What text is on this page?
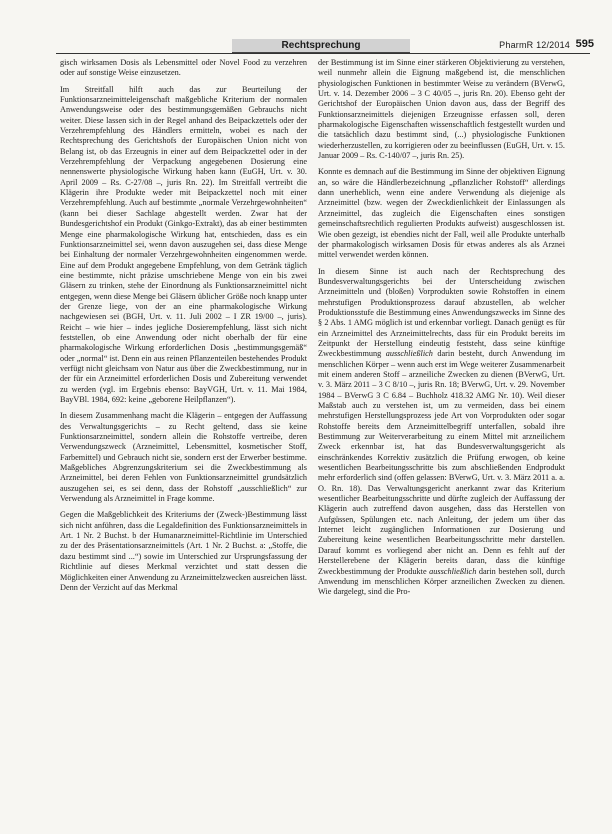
Rechtsprechung	PharmR 12/2014 595

gisch wirksamen Dosis als Lebensmittel oder Novel Food zu verzehren oder auf sonstige Weise einzusetzen.

Im Streitfall hilft auch das zur Beurteilung der Funktionsarzneimitteleigenschaft maßgebliche Kriterium der normalen Anwendungsweise oder des bestimmungsgemäßen Gebrauchs nicht weiter. Diese lassen sich in der Regel anhand des Beipackzettels oder der Verzehrempfehlung des Händlers ermitteln, wobei es nach der Rechtsprechung des Gerichtshofs der Europäischen Union nicht von Belang ist, ob das Erzeugnis in einer auf dem Beipackzettel oder in der Verzehrempfehlung der Verpackung angegebenen Dosierung eine nennenswerte physiologische Wirkung haben kann (EuGH, Urt. v. 30. April 2009 – Rs. C-27/08 –, juris Rn. 22). Im Streitfall vertreibt die Klägerin ihre Produkte weder mit Beipackzettel noch mit einer Verzehrempfehlung. Auch auf bestimmte „normale Verzehrgewohnheiten“ (kann bei dieser Sachlage abgestellt werden. Zwar hat der Bundesgerichtshof ein Produkt (Ginkgo-Extrakt), das ab einer bestimmten Menge eine pharmakologische Wirkung hat, entschieden, dass es ein Funktionsarzneimittel sei, wenn davon auszugehen sei, dass diese Menge bei Einhaltung der normaler Verzehrgewohnheiten eingenommen werde. Eine auf dem Produkt angegebene Empfehlung, von dem Getränk täglich eine bestimmte, nicht präzise umschriebene Menge von ein bis zwei Gläsern zu trinken, stehe der Einordnung als Funktionsarzneimittel nicht entgegen, wenn diese Menge bei Gläsern üblicher Größe noch knapp unter der Grenze liege, von der an eine pharmakologische Wirkung nachgewiesen sei (BGH, Urt. v. 11. Juli 2002 – I ZR 19/00 –, juris). Reicht – wie hier – indes jegliche Dosierempfehlung, lässt sich nicht feststellen, ob eine Anwendung oder nicht oberhalb der für eine pharmakologische Wirkung erforderlichen Dosis „bestimmungsgemäß“ oder „normal“ ist. Denn ein aus reinen Pflanzenteilen bestehendes Produkt verfügt nicht gleichsam von Natur aus über die Zweckbestimmung, nur in der für ein Arzneimittel erforderlichen Dosis und Zubereitung verwendet zu werden (vgl. im Ergebnis ebenso: BayVGH, Urt. v. 11. Mai 1984, BayVBl. 1984, 692: keine „geborene Heilpflanzen“).

In diesem Zusammenhang macht die Klägerin – entgegen der Auffassung des Verwaltungsgerichts – zu Recht geltend, dass sie keine Funktionsarzneimittel, sondern allein die Rohstoffe vertreibe, deren Verwendungszweck (Arzneimittel, Lebensmittel, kosmetischer Stoff, Farbemittel) und Gebrauch nicht sie, sondern erst der Erwerber bestimme. Maßgebliches Abgrenzungskriterium sei die Zweckbestimmung als Arzneimittel, bei deren Fehlen von Funktionsarzneimittel grundsätzlich auszugehen sei, es sei denn, dass der Rohstoff „ausschließlich“ zur Verwendung als Arzneimittel in Frage komme.

Gegen die Maßgeblichkeit des Kriteriums der (Zweck-)Bestimmung lässt sich nicht anführen, dass die Legaldefinition des Funktionsarzneimittels in Art. 1 Nr. 2 Buchst. b der Humanarzneimittel-Richtlinie im Unterschied zu der des Präsentationsarzneimittels (Art. 1 Nr. 2 Buchst. a: „Stoffe, die dazu bestimmt sind ...“) sowie im Unterschied zur Ursprungsfassung der Richtlinie auf dieses Merkmal verzichtet und statt dessen die Möglichkeiten einer Anwendung zu Arzneimittelzwecken ausreichen lässt. Denn der Verzicht auf das Merkmal

der Bestimmung ist im Sinne einer stärkeren Objektivierung zu verstehen, weil nunmehr allein die Eignung maßgebend ist, die menschlichen physiologischen Funktionen in bestimmter Weise zu verändern (BVerwG, Urt. v. 14. Dezember 2006 – 3 C 40/05 –, juris Rn. 20). Ebenso geht der Gerichtshof der Europäischen Union davon aus, dass der Begriff des Funktionsarzneimittels diejenigen Erzeugnisse erfassen soll, deren pharmakologische Eigenschaften wissenschaftlich festgestellt wurden und die tatsächlich dazu bestimmt sind, (...) physiologische Funktionen wiederherzustellen, zu korrigieren oder zu beeinflussen (EuGH, Urt. v. 15. Januar 2009 – Rs. C-140/07 –, juris Rn. 25).

Konnte es demnach auf die Bestimmung im Sinne der objektiven Eignung an, so wäre die Händlerbezeichnung „pflanzlicher Rohstoff“ allerdings dann unerheblich, wenn eine andere Verwendung als diejenige als Arzneimittel (bzw. wegen der Zweckdienlichkeit der Einlassungen als Arzneimittel, das zugleich die Eigenschaften eines sonstigen gemeinschaftsrechtlich regulierten Produkts aufweist) ausgeschlossen ist. Wie oben gezeigt, ist ebendies nicht der Fall, weil alle Produkte unterhalb der pharmakologisch wirksamen Dosis für etwas anderes als als Arznei mittel verwendet werden können.

In diesem Sinne ist auch nach der Rechtsprechung des Bundesverwaltungsgerichts bei der Unterscheidung zwischen Arzneimitteln und (bloßen) Vorprodukten sowie Rohstoffen in einem mehrstufigen Produktionsprozess darauf abzustellen, ab welcher Produktionsstufe die Bestimmung eines Anwendungszwecks im Sinne des § 2 Abs. 1 AMG möglich ist und erkennbar vorliegt. Danach genügt es für ein Arzneimittel des Arzneimittelrechts, dass für ein Produkt bereits im Zeitpunkt der Herstellung eindeutig feststeht, dass seine künftige Zweckbestimmung ausschließlich darin besteht, durch Anwendung im menschlichen Körper – wenn auch erst im Wege weiterer Zusammenarbeit mit einem anderen Stoff – arzneiliche Zwecken zu dienen (BVerwG, Urt. v. 3. März 2011 – 3 C 8/10 –, juris Rn. 18; BVerwG, Urt. v. 29. November 1984 – BVerwG 3 C 6.84 – Buchholz 418.32 AMG Nr. 10). Weil dieser Maßstab auch zu verstehen ist, um zu vermeiden, dass bei einem mehrstufigen Herstellungsprozess jede Art von Vorprodukten oder sogar Rohstoffe bereits dem Arzneimittelbegriff unterfallen, sobald ihre Bestimmung zur Weiterverarbeitung zu einem Mittel mit arzneilichem Zweck erkennbar ist, hat das Bundesverwaltungsgericht als einschränkendes Korrektiv zusätzlich die Prüfung erwogen, ob keine wesentlichen Bearbeitungsschritte bis zum abschließenden Endprodukt mehr erforderlich sind (offen gelassen: BVerwG, Urt. v. 3. März 2011 a. a. O. Rn. 18). Das Verwaltungsgericht anerkannt zwar das Kriterium wesentlicher Bearbeitungsschritte und dürfte zugleich der Auffassung der Klägerin auch zutreffend davon ausgehen, dass das Herstellen von Aufgüssen, Spülungen etc. nach Anleitung, der jedem um über das Internet leicht zugänglichen Informationen zur Dosierung und Zubereitung keine wesentlichen Bearbeitungsschritte mehr darstellen. Darauf kommt es vorliegend aber nicht an. Denn es fehlt auf der Herstellerebene der Klägerin bereits daran, dass die künftige Zweckbestimmung der Produkte ausschließlich darin bestehen soll, durch Anwendung im menschlichen Körper arzneilichen Zwecken zu dienen. Wie dargelegt, sind die Pro-
